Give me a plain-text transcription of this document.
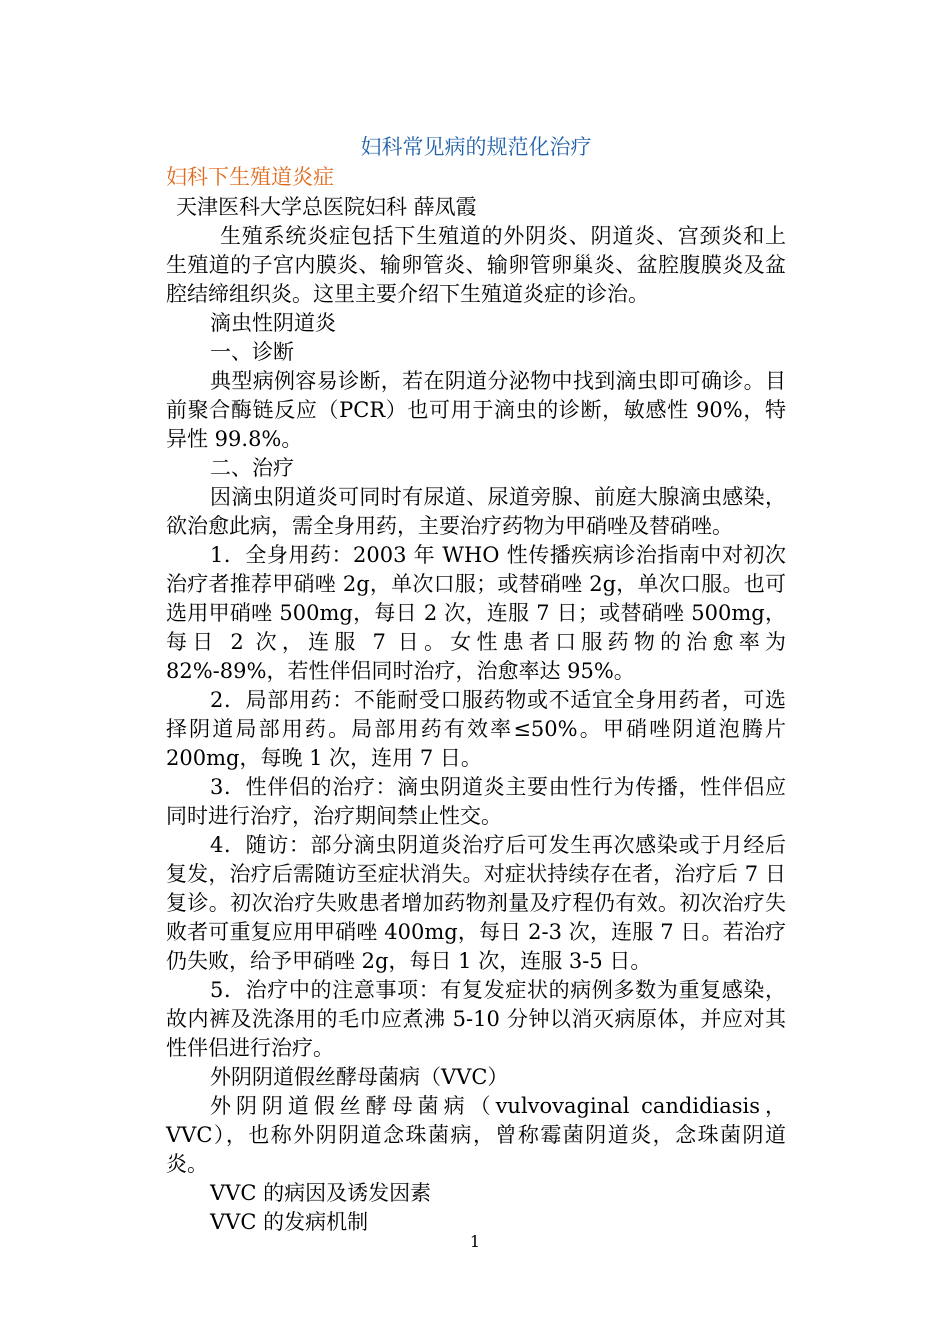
妇科常见病的规范化治疗
妇科下生殖道炎症
天津医科大学总医院妇科 薛凤霞

生殖系统炎症包括下生殖道的外阴炎、阴道炎、宫颈炎和上生殖道的子宫内膜炎、输卵管炎、输卵管卵巢炎、盆腔腹膜炎及盆腔结缔组织炎。这里主要介绍下生殖道炎症的诊治。

滴虫性阴道炎

一、诊断

典型病例容易诊断，若在阴道分泌物中找到滴虫即可确诊。目前聚合酶链反应（PCR）也可用于滴虫的诊断，敏感性 90%，特异性 99.8%。

二、治疗

因滴虫阴道炎可同时有尿道、尿道旁腺、前庭大腺滴虫感染，欲治愈此病，需全身用药，主要治疗药物为甲硝唑及替硝唑。

1．全身用药：2003 年 WHO 性传播疾病诊治指南中对初次治疗者推荐甲硝唑 2g，单次口服；或替硝唑 2g，单次口服。也可选用甲硝唑 500mg，每日 2 次，连服 7 日；或替硝唑 500mg，每日 2 次，连服 7 日。女性患者口服药物的治愈率为 82%-89%，若性伴侣同时治疗，治愈率达 95%。

2．局部用药：不能耐受口服药物或不适宜全身用药者，可选择阴道局部用药。局部用药有效率≤50%。甲硝唑阴道泡腾片 200mg，每晚 1 次，连用 7 日。

3．性伴侣的治疗：滴虫阴道炎主要由性行为传播，性伴侣应同时进行治疗，治疗期间禁止性交。

4．随访：部分滴虫阴道炎治疗后可发生再次感染或于月经后复发，治疗后需随访至症状消失。对症状持续存在者，治疗后 7 日复诊。初次治疗失败患者增加药物剂量及疗程仍有效。初次治疗失败者可重复应用甲硝唑 400mg，每日 2-3 次，连服 7 日。若治疗仍失败，给予甲硝唑 2g，每日 1 次，连服 3-5 日。

5．治疗中的注意事项：有复发症状的病例多数为重复感染，故内裤及洗涤用的毛巾应煮沸 5-10 分钟以消灭病原体，并应对其性伴侣进行治疗。

外阴阴道假丝酵母菌病（VVC）

外阴阴道假丝酵母菌病（vulvovaginal candidiasis，VVC），也称外阴阴道念珠菌病，曾称霉菌阴道炎，念珠菌阴道炎。

VVC 的病因及诱发因素

VVC 的发病机制

1
